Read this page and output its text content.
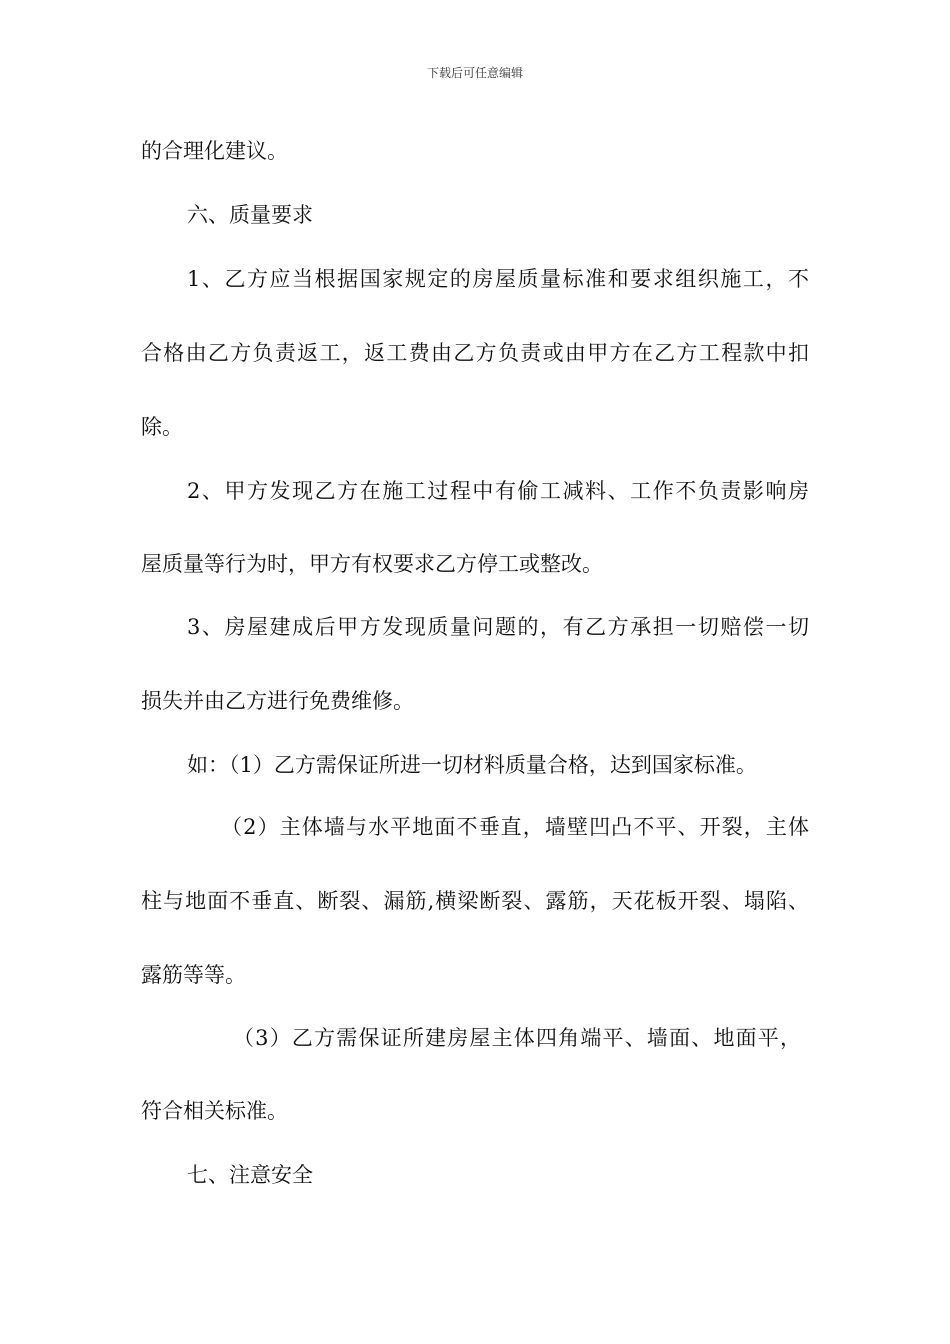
下载后可任意编辑
的合理化建议。
六、质量要求
1、乙方应当根据国家规定的房屋质量标准和要求组织施工，不
合格由乙方负责返工，返工费由乙方负责或由甲方在乙方工程款中扣
除。
2、甲方发现乙方在施工过程中有偷工减料、工作不负责影响房
屋质量等行为时，甲方有权要求乙方停工或整改。
3、房屋建成后甲方发现质量问题的，有乙方承担一切赔偿一切
损失并由乙方进行免费维修。
如：（1）乙方需保证所进一切材料质量合格，达到国家标准。
（2）主体墙与水平地面不垂直，墙壁凹凸不平、开裂，主体
柱与地面不垂直、断裂、漏筋,横梁断裂、露筋，天花板开裂、塌陷、
露筋等等。
（3）乙方需保证所建房屋主体四角端平、墙面、地面平，
符合相关标准。
七、注意安全
